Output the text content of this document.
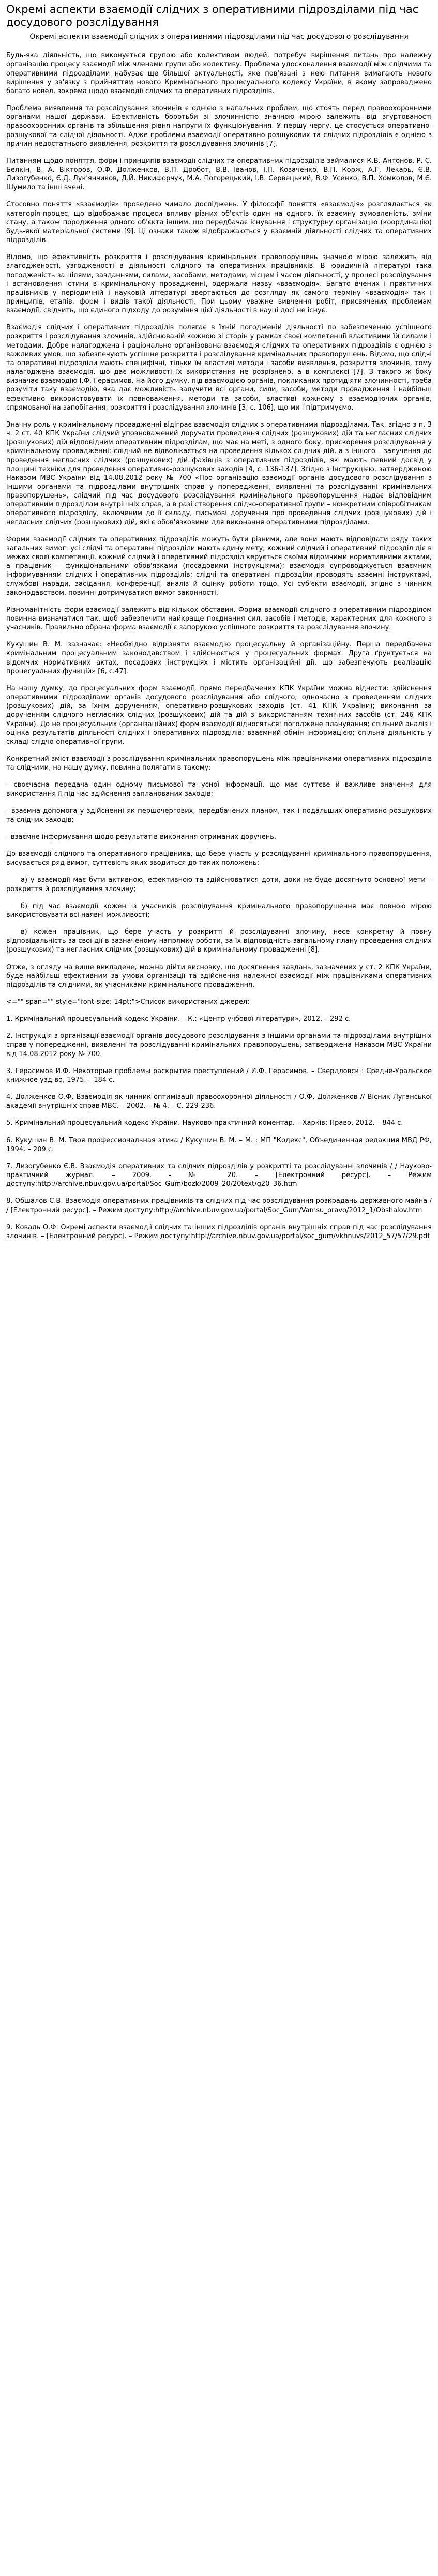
Окремі аспекти взаємодії слідчих з оперативними підрозділами під час досудового розслідування
Окремі аспекти взаємодії слідчих з оперативними підрозділами під час досудового розслідування

Будь-яка діяльність, що виконується групою або колективом людей, потребує вирішення питань про належну організацію процесу взаємодії між членами групи або колективу. Проблема удосконалення взаємодії між слідчими та оперативними підрозділами набуває ще більшої актуальності, яке пов'язані з нею питання вимагають нового вирішення у зв'язку з прийняттям нового Кримінального процесуального кодексу України, в якому запроваджено багато новел, зокрема щодо взаємодії слідчих та оперативних підрозділів.

Проблема виявлення та розслідування злочинів є однією з нагальних проблем, що стоять перед правоохоронними органами нашої держави. Ефективність боротьби зі злочинністю значною мірою залежить від згуртованості правоохоронних органів та збільшення рівня напруги їх функціонування. У першу чергу, це стосується оперативно-розшукової та слідчої діяльності. Адже проблеми взаємодії оперативно-розшукових та слідчих підрозділів є однією з причин недостатнього виявлення, розкриття та розслідування злочинів [7].

Питанням щодо поняття, форм і принципів взаємодії слідчих та оперативних підрозділів займалися К.В. Антонов, Р. С. Белкін, В. А. Вікторов, О.Ф. Долженков, В.П. Дробот, В.В. Іванов, І.П. Козаченко, В.П. Корж, А.Г. Лекарь, Є.В. Лизогубенко, Є.Д. Лук'янчиков, Д.Й. Никифорчук, М.А. Погорецький, І.В. Сервецький, В.Ф. Усенко, В.П. Хомколов, М.Є. Шумило та інші вчені.

Стосовно поняття «взаємодія» проведено чимало досліджень. У філософії поняття «взаємодія» розглядається як категорія-процес, що відображає процеси впливу різних об'єктів один на одного, їх взаємну зумовленість, зміни стану, а також породження одного об'єкта іншим, що передбачає існування і структурну організацію (координацію) будь-якої матеріальної системи [9]. Ці ознаки також відображаються у взаємній діяльності слідчих та оперативних підрозділів.

Відомо, що ефективність розкриття і розслідування кримінальних правопорушень значною мірою залежить від злагодженості, узгодженості в діяльності слідчого та оперативних працівників. В юридичній літературі така погодженість за цілями, завданнями, силами, засобами, методами, місцем і часом діяльності, у процесі розслідування і встановлення істини в кримінальному провадженні, одержала назву «взаємодія». Багато вчених і практичних працівників у періодичній і науковій літературі звертаються до розгляду як самого терміну «взаємодія» так і принципів, етапів, форм і видів такої діяльності. При цьому уважне вивчення робіт, присвячених проблемам взаємодії, свідчить, що єдиного підходу до розуміння цієї діяльності в науці досі не існує.

Взаємодія слідчих і оперативних підрозділів полягає в їхній погодженій діяльності по забезпеченню успішного розкриття і розслідування злочинів, здійснюваній кожною зі сторін у рамках своєї компетенції властивими їй силами і методами. Добре налагоджена і раціонально організована взаємодія слідчих та оперативних підрозділів є однією з важливих умов, що забезпечують успішне розкриття і розслідування кримінальних правопорушень. Відомо, що слідчі та оперативні підрозділи мають специфічні, тільки їм властиві методи і засоби виявлення, розкриття злочинів, тому налагоджена взаємодія, що дає можливості їх використання не розрізнено, а в комплексі [7]. З такого ж боку визначає взаємодію І.Ф. Герасимов. На його думку, під взаємодією органів, покликаних протидіяти злочинності, треба розуміти таку взаємодію, яка дає можливість залучити всі органи, сили, засоби, методи провадження і найбільш ефективно використовувати їх повноваження, методи та засоби, властиві кожному з взаємодіючих органів, спрямованої на запобігання, розкриття і розслідування злочинів [3, с. 106], що ми і підтримуємо.

Значну роль у кримінальному провадженні відіграє взаємодія слідчих з оперативними підрозділами. Так, згідно з п. 3 ч. 2 ст. 40 КПК України слідчий уповноважений доручати проведення слідчих (розшукових) дій та негласних слідчих (розшукових) дій відповідним оперативним підрозділам, що має на меті, з одного боку, прискорення розслідування у кримінальному провадженні; слідчий не відволікається на проведення кількох слідчих дій, а з іншого – залучення до проведення негласних слідчих (розшукових) дій фахівців з оперативних підрозділів, які мають певний досвід у площині техніки для проведення оперативно-розшукових заходів [4, с. 136-137]. Згідно з Інструкцією, затвердженою Наказом МВС України від 14.08.2012 року № 700 «Про організацію взаємодії органів досудового розслідування з іншими органами та підрозділами внутрішніх справ у попередженні, виявленні та розслідуванні кримінальних правопорушень», слідчий під час досудового розслідування кримінального правопорушення надає відповідним оперативним підрозділам внутрішніх справ, а в разі створення слідчо-оперативної групи – конкретним співробітникам оперативного підрозділу, включеним до її складу, письмові доручення про проведення слідчих (розшукових) дій і негласних слідчих (розшукових) дій, які є обов'язковими для виконання оперативними підрозділами.

Форми взаємодії слідчих та оперативних підрозділів можуть бути різними, але вони мають відповідати ряду таких загальних вимог: усі слідчі та оперативні підрозділи мають єдину мету; кожний слідчий і оперативний підрозділ діє в межах своєї компетенції, кожний слідчий і оперативний підрозділ керується своїми відомчими нормативними актами, а працівник – функціональними обов'язками (посадовими інструкціями); взаємодія супроводжується взаємним інформуванням слідчих і оперативних підрозділів; слідчі та оперативні підрозділи проводять взаємні інструктажі, службові наради, засідання, конференції, аналіз й оцінку роботи тощо. Усі суб'єкти взаємодії, згідно з чинним законодавством, повинні дотримуватися вимог законності.

Різноманітність форм взаємодії залежить від кількох обставин. Форма взаємодії слідчого з оперативним підрозділом повинна визначатися так, щоб забезпечити найкраще поєднання сил, засобів і методів, характерних для кожного з учасників. Правильно обрана форма взаємодії є запорукою успішного розкриття та розслідування злочину.

Кукушин В. М. зазначає: «Необхідно відрізняти взаємодію процесуальну й організаційну. Перша передбачена кримінальним процесуальним законодавством і здійснюється у процесуальних формах. Друга ґрунтується на відомчих нормативних актах, посадових інструкціях і містить організаційні дії, що забезпечують реалізацію процесуальних функцій» [6, с.47].

На нашу думку, до процесуальних форм взаємодії, прямо передбачених КПК України можна віднести: здійснення оперативними підрозділами органів досудового розслідування або слідчого, одночасно з проведенням слідчих (розшукових) дій, за їхнім дорученням, оперативно-розшукових заходів (ст. 41 КПК України); виконання за дорученням слідчого негласних слідчих (розшукових) дій та дій з використанням технічних засобів (ст. 246 КПК України). До не процесуальних (організаційних) форм взаємодії відносяться: погоджене планування; спільний аналіз і оцінка результатів діяльності слідчих і оперативних підрозділів; взаємний обмін інформацією; спільна діяльність у складі слідчо-оперативної групи.

Конкретний зміст взаємодії з розслідування кримінальних правопорушень між працівниками оперативних підрозділів та слідчими, на нашу думку, повинна полягати в такому:

- своєчасна передача один одному письмової та усної інформації, що має суттєве й важливе значення для використання її під час здійснення запланованих заходів;

- взаємна допомога у здійсненні як першочергових, передбачених планом, так і подальших оперативно-розшукових та слідчих заходів;

- взаємне інформування щодо результатів виконання отриманих доручень.

До взаємодії слідчого та оперативного працівника, що бере участь у розслідуванні кримінального правопорушення, висувається ряд вимог, суттєвість яких зводиться до таких положень:

а) у взаємодії має бути активною, ефективною та здійснюватися доти, доки не буде досягнуто основної мети – розкриття й розслідування злочину;

б) під час взаємодії кожен із учасників розслідування кримінального правопорушення має повною мірою використовувати всі наявні можливості;

в) кожен працівник, що бере участь у розкритті й розслідуванні злочину, несе конкретну й повну відповідальність за свої дії в зазначеному напрямку роботи, за їх відповідність загальному плану проведення слідчих (розшукових) та негласних слідчих (розшукових) дій в кримінальному провадженні [8].

Отже, з огляду на вище викладене, можна дійти висновку, що досягнення завдань, зазначених у ст. 2 КПК України, буде найбільш ефективним за умови організації та здійснення належної взаємодії між працівниками оперативних підрозділів та слідчими, як учасниками кримінального провадження.

<="" span="" style="font-size: 14pt;">Список використаних джерел:
1. Кримінальний процесуальний кодекс України. – К.: «Центр учбової літератури», 2012. – 292 с.
2. Інструкція з організації взаємодії органів досудового розслідування з іншими органами та підрозділами внутрішніх справ у попередженні, виявленні та розслідуванні кримінальних правопорушень, затверджена Наказом МВС України від 14.08.2012 року № 700.
3. Герасимов И.Ф. Некоторые проблемы раскрытия преступлений / И.Ф. Герасимов. – Свердловск : Средне-Уральское книжное узд-во, 1975. – 184 с.
4. Долженков О.Ф. Взаємодія як чинник оптимізації правоохоронної діяльності / О.Ф. Долженков // Вісник Луганської академії внутрішніх справ МВС. – 2002. – № 4. – С. 229-236.
5. Кримінальний процесуальний кодекс України. Науково-практичний коментар. – Харків: Право, 2012. – 844 с.
6. Кукушин В. М. Твоя профессиональная этика / Кукушин В. М. – М. : МП "Кодекс", Объединенная редакция МВД РФ, 1994. – 209 с.
7. Лизогубенко Є.В. Взаємодія оперативних та слідчих підрозділів у розкритті та розслідуванні злочинів / / Науково-практичний журнал. – 2009. - № 20. – [Електронний ресурс]. – Режим доступу:http://archive.nbuv.gov.ua/portal/Soc_Gum/bozk/2009_20/20text/g20_36.htm
8. Обшалов С.В. Взаємодія оперативних працівників та слідчих під час розслідування розкрадань державного майна / / [Електронний ресурс]. – Режим доступу:http://archive.nbuv.gov.ua/portal/Soc_Gum/Vamsu_pravo/2012_1/Obshalov.htm
9. Коваль О.Ф. Окремі аспекти взаємодії слідчих та інших підрозділів органів внутрішніх справ під час розслідування злочинів. – [Електронний ресурс]. – Режим доступу:http://archive.nbuv.gov.ua/portal/soc_gum/vkhnuvs/2012_57/57/29.pdf
